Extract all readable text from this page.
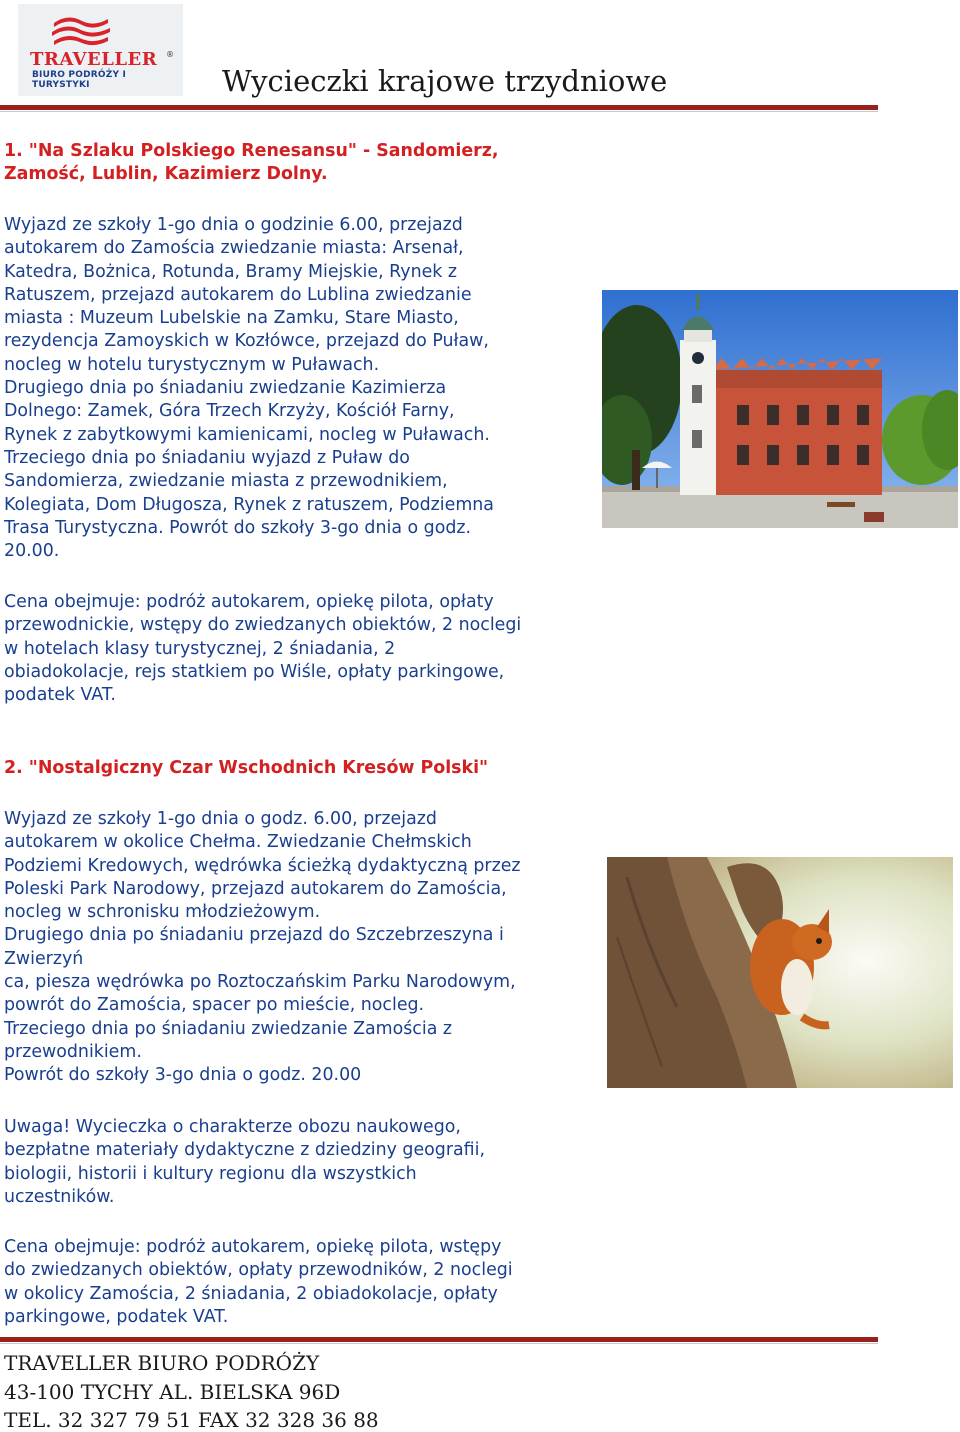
TRAVELLER ®
BIURO PODRÓŻY I TURYSTYKI	Wycieczki krajowe trzydniowe

1. "Na Szlaku Polskiego Renesansu" - Sandomierz,
Zamość, Lublin, Kazimierz Dolny.

Wyjazd ze szkoły 1-go dnia o godzinie 6.00, przejazd
autokarem do Zamościa zwiedzanie miasta: Arsenał,
Katedra, Bożnica, Rotunda, Bramy Miejskie, Rynek z
Ratuszem, przejazd autokarem do Lublina zwiedzanie
miasta : Muzeum Lubelskie na Zamku, Stare Miasto,
rezydencja Zamoyskich w Kozłówce, przejazd do Puław,
nocleg w hotelu turystycznym w Puławach.
Drugiego dnia po śniadaniu zwiedzanie Kazimierza
Dolnego: Zamek, Góra Trzech Krzyży, Kościół Farny,
Rynek z zabytkowymi kamienicami, nocleg w Puławach.
Trzeciego dnia po śniadaniu wyjazd z Puław do
Sandomierza, zwiedzanie miasta z przewodnikiem,
Kolegiata, Dom Długosza, Rynek z ratuszem, Podziemna
Trasa Turystyczna. Powrót do szkoły 3-go dnia o godz.
20.00.

Cena obejmuje: podróż autokarem, opiekę pilota, opłaty
przewodnickie, wstępy do zwiedzanych obiektów, 2 noclegi
w hotelach klasy turystycznej, 2 śniadania, 2
obiadokolacje, rejs statkiem po Wiśle, opłaty parkingowe,
podatek VAT.

2. "Nostalgiczny Czar Wschodnich Kresów Polski"

Wyjazd ze szkoły 1-go dnia o godz. 6.00, przejazd
autokarem w okolice Chełma. Zwiedzanie Chełmskich
Podziemi Kredowych, wędrówka ścieżką dydaktyczną przez
Poleski Park Narodowy, przejazd autokarem do Zamościa,
nocleg w schronisku młodzieżowym.
Drugiego dnia po śniadaniu przejazd do Szczebrzeszyna i
Zwierzyń
ca, piesza wędrówka po Roztoczańskim Parku Narodowym,
powrót do Zamościa, spacer po mieście, nocleg.
Trzeciego dnia po śniadaniu zwiedzanie Zamościa z
przewodnikiem.
Powrót do szkoły 3-go dnia o godz. 20.00

Uwaga! Wycieczka o charakterze obozu naukowego,
bezpłatne materiały dydaktyczne z dziedziny geografii,
biologii, historii i kultury regionu dla wszystkich
uczestników.

Cena obejmuje: podróż autokarem, opiekę pilota, wstępy
do zwiedzanych obiektów, opłaty przewodników, 2 noclegi
w okolicy Zamościa, 2 śniadania, 2 obiadokolacje, opłaty
parkingowe, podatek VAT.

TRAVELLER BIURO PODRÓŻY

43-100 TYCHY AL. BIELSKA 96D

TEL. 32 327 79 51 FAX 32 328 36 88
